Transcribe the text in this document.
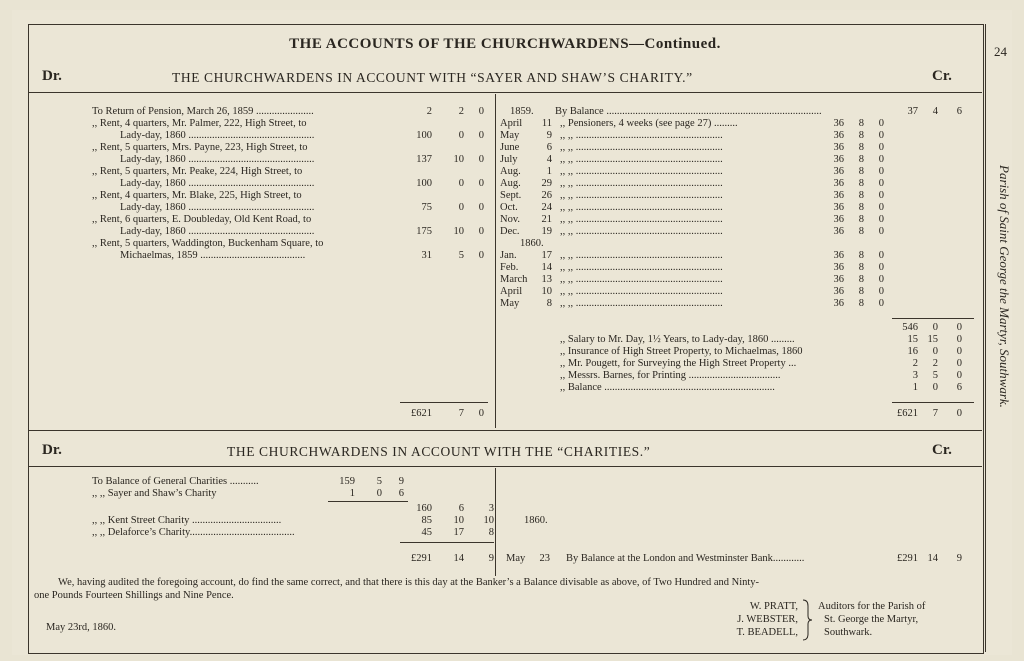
24
Parish of Saint George the Martyr, Southwark.
THE ACCOUNTS OF THE CHURCHWARDENS—Continued.
Dr.	THE CHURCHWARDENS IN ACCOUNT WITH “SAYER AND SHAW’S CHARITY.”	Cr.
To Return of Pension, March 26, 1859 ......................	2	2	0
,, Rent, 4 quarters, Mr. Palmer, 222, High Street, to
Lady-day, 1860 ................................................	100	0	0
,, Rent, 5 quarters, Mrs. Payne, 223, High Street, to
Lady-day, 1860 ................................................	137	10	0
,, Rent, 5 quarters, Mr. Peake, 224, High Street, to
Lady-day, 1860 ................................................	100	0	0
,, Rent, 4 quarters, Mr. Blake, 225, High Street, to
Lady-day, 1860 ................................................	75	0	0
,, Rent, 6 quarters, E. Doubleday, Old Kent Road, to
Lady-day, 1860 ................................................	175	10	0
,, Rent, 5 quarters, Waddington, Buckenham Square, to
Michaelmas, 1859 ........................................	31	5	0
£621	7	0
1859. By Balance ..................................................................................	37	4	6
April	11 ,, Pensioners, 4 weeks (see page 27) .........	36	8	0
May	9 ,, ,, ........................................................	36	8	0
June	6 ,, ,, ........................................................	36	8	0
July	4 ,, ,, ........................................................	36	8	0
Aug.	1 ,, ,, ........................................................	36	8	0
Aug.	29 ,, ,, ........................................................	36	8	0
Sept.	26 ,, ,, ........................................................	36	8	0
Oct.	24 ,, ,, ........................................................	36	8	0
Nov.	21 ,, ,, ........................................................	36	8	0
Dec.	19 ,, ,, ........................................................	36	8	0
1860.
Jan.	17 ,, ,, ........................................................	36	8	0
Feb.	14 ,, ,, ........................................................	36	8	0
March	13 ,, ,, ........................................................	36	8	0
April	10 ,, ,, ........................................................	36	8	0
May	8 ,, ,, ........................................................	36	8	0
546	0	0
,, Salary to Mr. Day, 1½ Years, to Lady-day, 1860 .........	15 15	0
,, Insurance of High Street Property, to Michaelmas, 1860	16	0	0
,, Mr. Pougett, for Surveying the High Street Property ...	2	2	0
,, Messrs. Barnes, for Printing ...................................	3	5	0
,, Balance .................................................................	1	0	6
£621	7	0
Dr.	THE CHURCHWARDENS IN ACCOUNT WITH THE “CHARITIES.”	Cr.
To Balance of General Charities ...........	159	5	9
,, ,, Sayer and Shaw’s Charity	1	0	6
160	6	3
,, ,, Kent Street Charity ..................................	85	10	10
,, ,, Delaforce’s Charity........................................	45	17	8
£291	14	9
1860.
May	23 By Balance at the London and Westminster Bank............	£291 14	9
We, having audited the foregoing account, do find the same correct, and that there is this day at the Banker’s a Balance divisable as above, of Two Hundred and Ninty-
one Pounds Fourteen Shillings and Nine Pence.
May 23rd, 1860.
W. PRATT,
J. WEBSTER,
T. BEADELL,
Auditors for the Parish of
St. George the Martyr,
Southwark.
